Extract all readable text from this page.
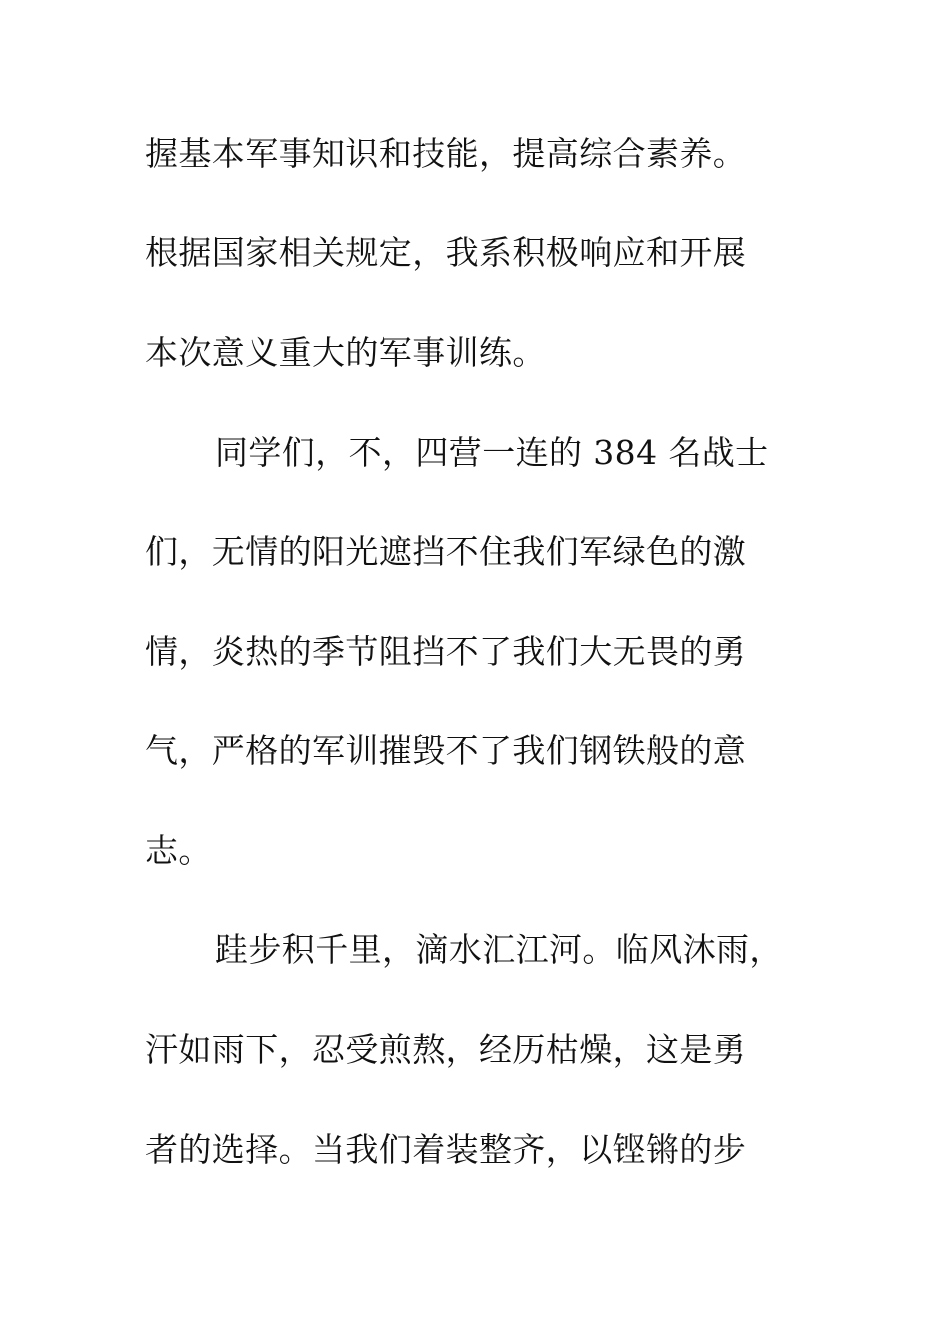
握基本军事知识和技能，提高综合素养。
根据国家相关规定，我系积极响应和开展
本次意义重大的军事训练。
同学们，不，四营一连的 384 名战士
们，无情的阳光遮挡不住我们军绿色的激
情，炎热的季节阻挡不了我们大无畏的勇
气，严格的军训摧毁不了我们钢铁般的意
志。
跬步积千里，滴水汇江河。临风沐雨，
汗如雨下，忍受煎熬，经历枯燥，这是勇
者的选择。当我们着装整齐，以铿锵的步
